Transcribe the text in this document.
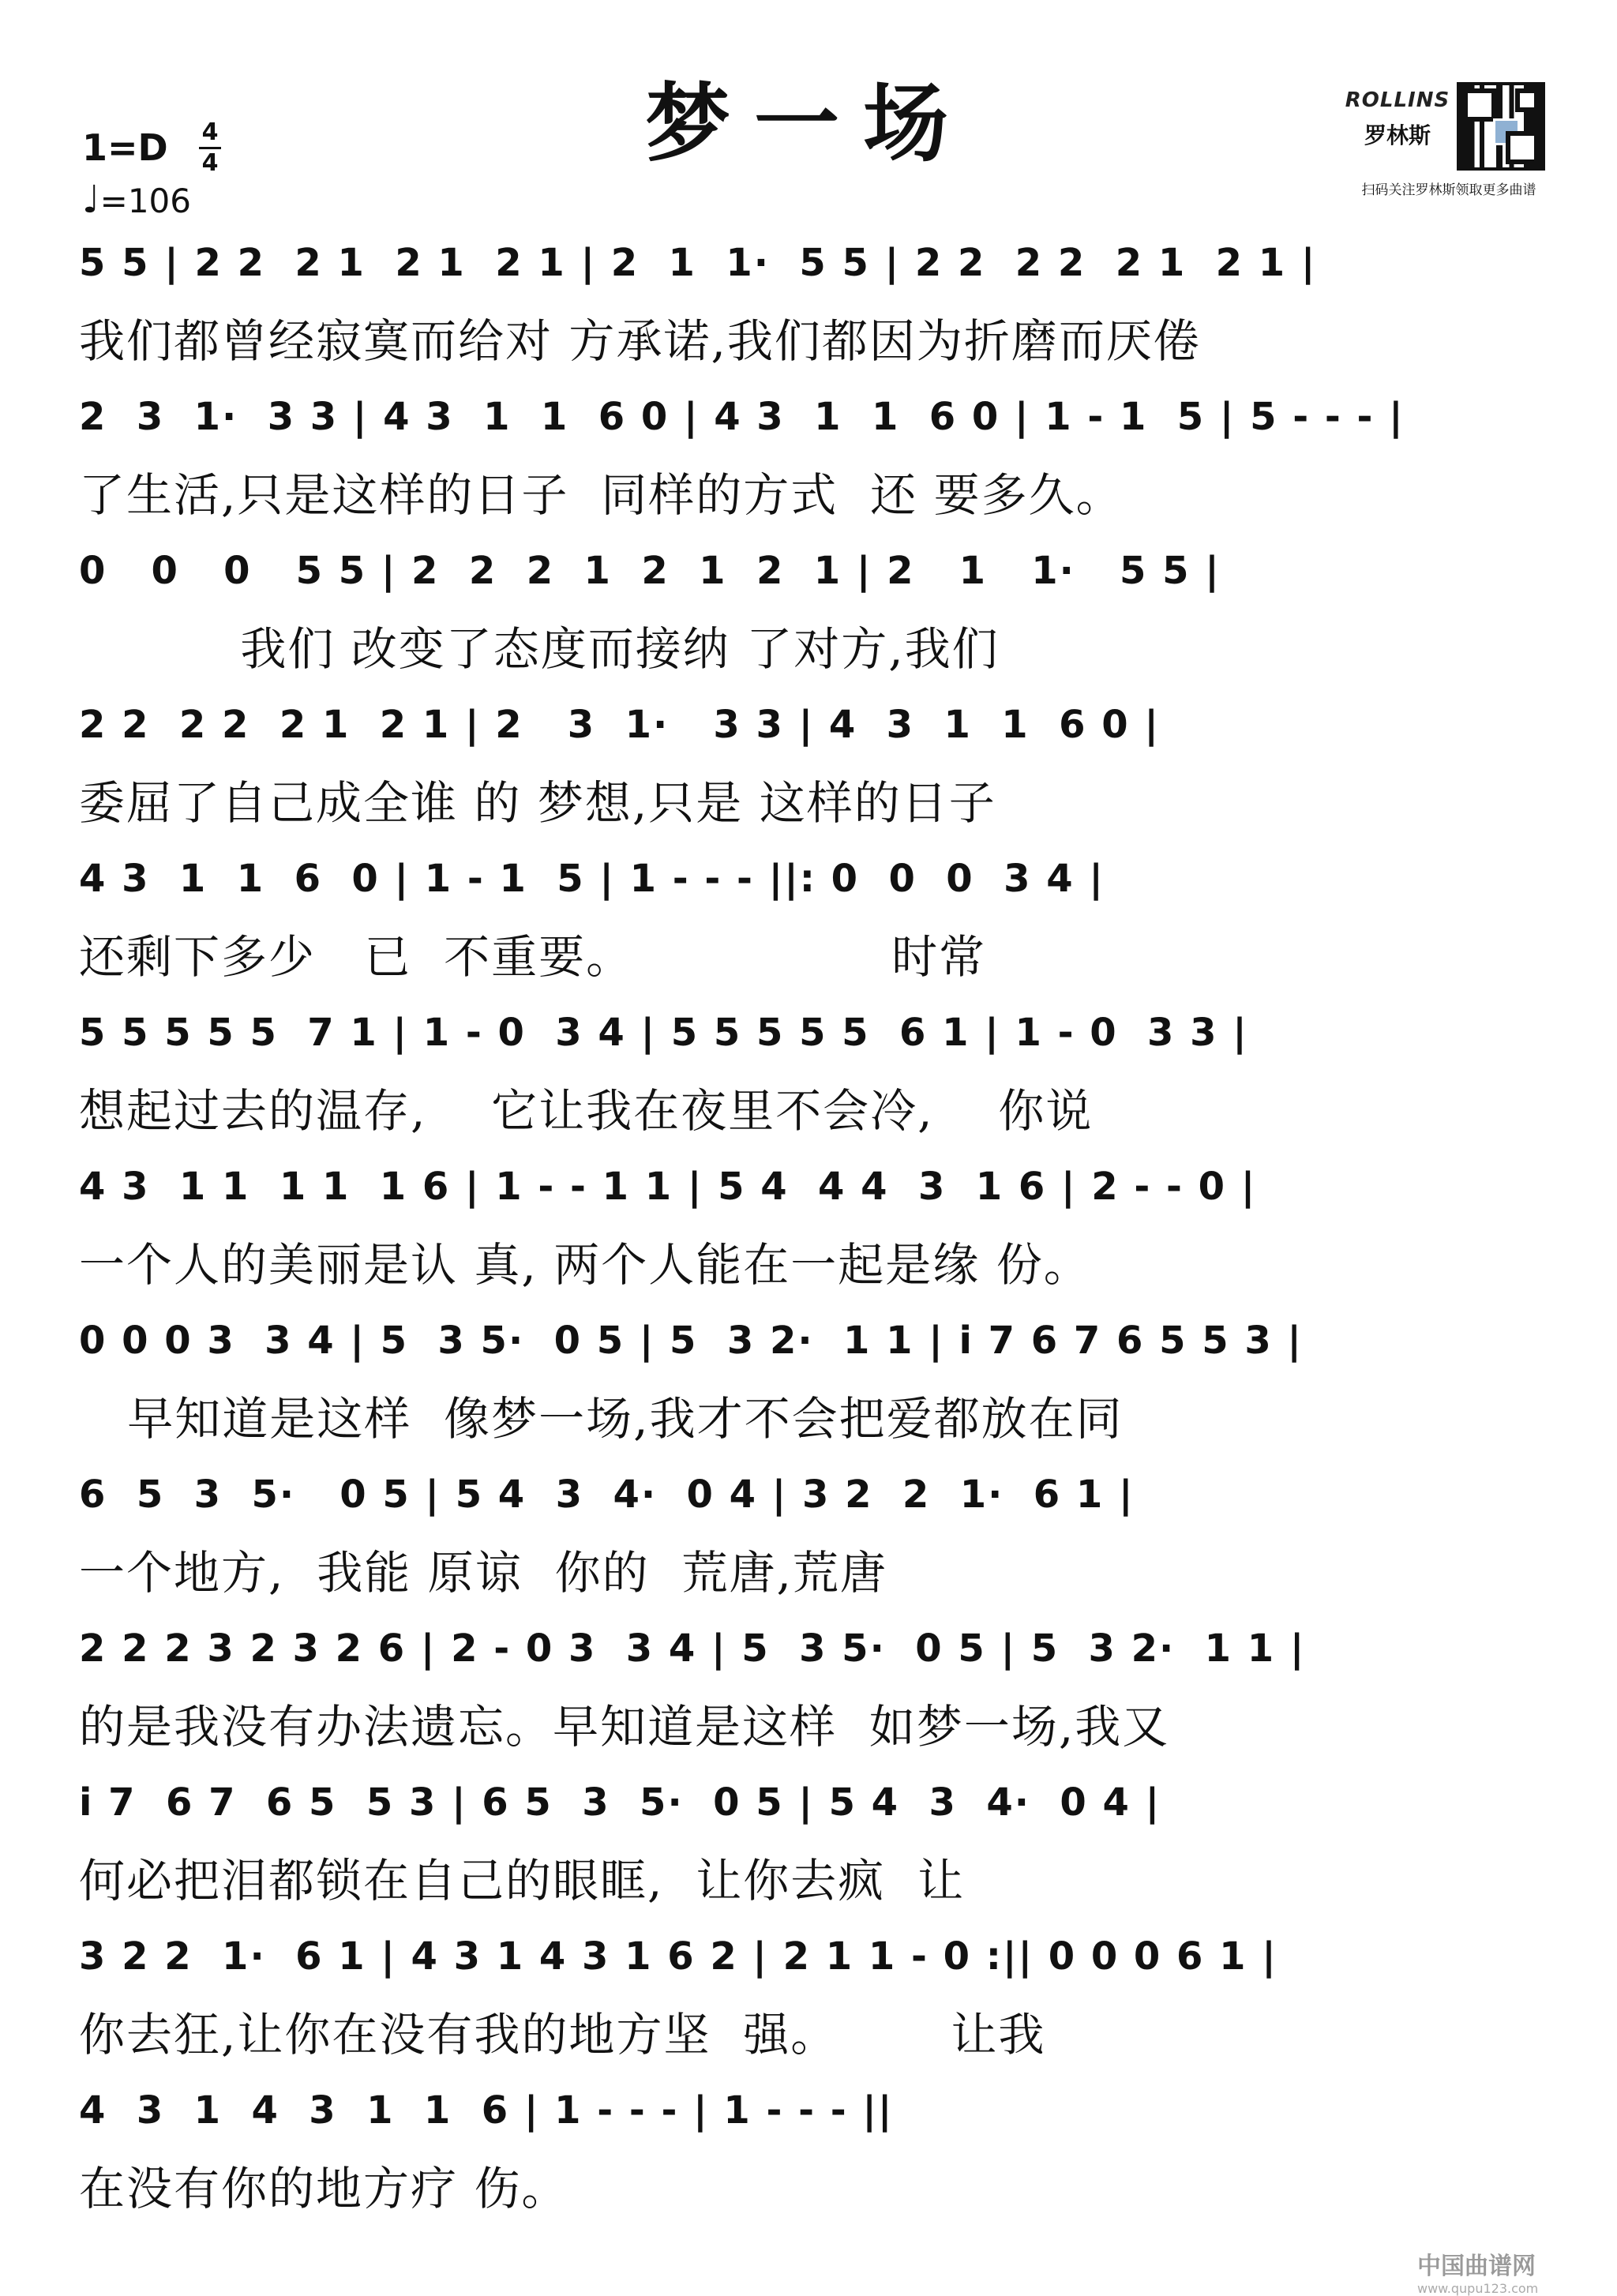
梦一场
1=D	4
4
♩=106
ROLLINS
罗林斯
扫码关注罗林斯领取更多曲谱
5 5 | 2 2  2 1  2 1  2 1 | 2  1  1·  5 5 | 2 2  2 2  2 1  2 1 |
我们都曾经寂寞而给对 方承诺,我们都因为折磨而厌倦
2  3  1·  3 3 | 4 3  1  1  6 0 | 4 3  1  1  6 0 | 1 - 1  5 | 5 - - - |
了生活,只是这样的日子  同样的方式  还 要多久。
0   0   0   5 5 | 2  2  2  1  2  1  2  1 | 2   1   1·   5 5 |
我们 改变了态度而接纳 了对方,我们
2 2  2 2  2 1  2 1 | 2   3  1·   3 3 | 4  3  1  1  6 0 |
委屈了自己成全谁 的 梦想,只是 这样的日子
4 3  1  1  6  0 | 1 - 1  5 | 1 - - - ||: 0  0  0  3 4 |
还剩下多少   已  不重要。                时常
5 5 5 5 5  7 1 | 1 - 0  3 4 | 5 5 5 5 5  6 1 | 1 - 0  3 3 |
想起过去的温存,    它让我在夜里不会冷,    你说
4 3  1 1  1 1  1 6 | 1 - - 1 1 | 5 4  4 4  3  1 6 | 2 - - 0 |
一个人的美丽是认 真, 两个人能在一起是缘 份。
0 0 0 3  3 4 | 5  3 5·  0 5 | 5  3 2·  1 1 | i 7 6 7 6 5 5 3 |
早知道是这样  像梦一场,我才不会把爱都放在同
6  5  3  5·   0 5 | 5 4  3  4·  0 4 | 3 2  2  1·  6 1 |
一个地方,  我能 原谅  你的  荒唐,荒唐
2 2 2 3 2 3 2 6 | 2 - 0 3  3 4 | 5  3 5·  0 5 | 5  3 2·  1 1 |
的是我没有办法遗忘。早知道是这样  如梦一场,我又
i 7  6 7  6 5  5 3 | 6 5  3  5·  0 5 | 5 4  3  4·  0 4 |
何必把泪都锁在自己的眼眶,  让你去疯  让
3 2 2  1·  6 1 | 4 3 1 4 3 1 6 2 | 2 1 1 - 0 :|| 0 0 0 6 1 |
你去狂,让你在没有我的地方坚  强。       让我
4  3  1  4  3  1  1  6 | 1 - - - | 1 - - - ||
在没有你的地方疗 伤。
中国曲谱网
www.qupu123.com
